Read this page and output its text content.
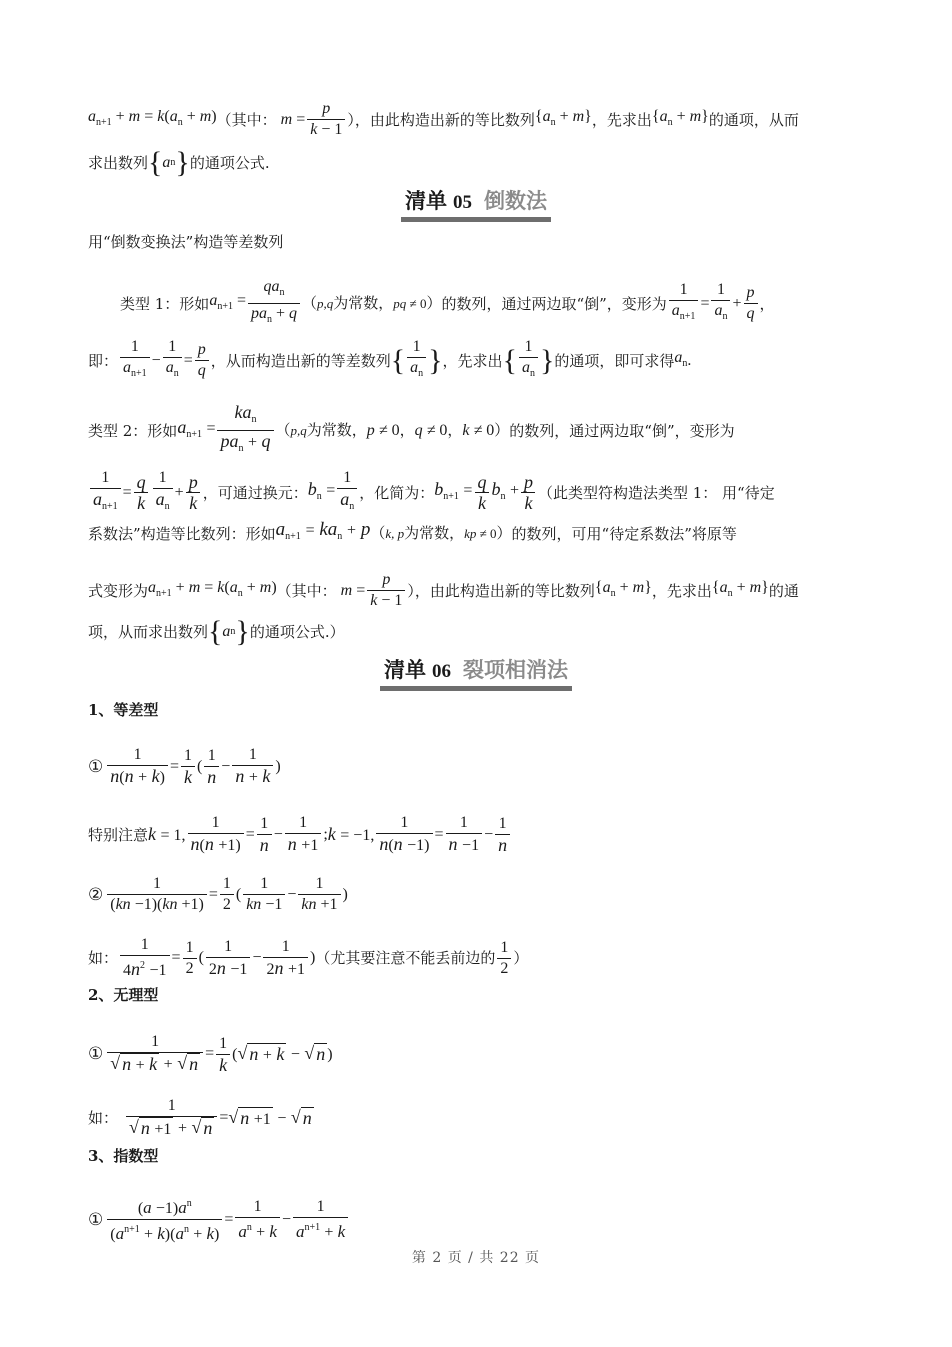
$a_{n+1} + m = k(a_n + m)$ （其中： $m = \frac{p}{k - 1}$ ），由此构造出新的等比数列 $\{a_n + m\}$ ，先求出 $\{a_n + m\}$ 的通项，从而
求出数列 { a n } 的通项公式.
清单 05 倒数法
用“倒数变换法”构造等差数列
类型 1：形如 $a_{n+1} = \frac{qa_n}{pa_n + q} (p,q$为常数，pq ≠ 0） 的数列，通过两边取“倒”，变形为 $\frac{1}{a_{n+1}} = \frac{1}{a_n} + \frac{p}{q}$ ，
即： $\frac{1}{a_{n+1}} - \frac{1}{a_n} = \frac{p}{q}$ ，从而构造出新的等差数列 { $\frac{1}{a_n}$ } ，先求出 { $\frac{1}{a_n}$ } 的通项，即可求得 $a_n$ .
类型 2：形如 $a_{n+1} = \frac{ka_n}{pa_n + q} (p,q$为常数，p ≠ 0，q ≠ 0，k ≠ 0） 的数列，通过两边取“倒”，变形为
$\frac{1}{a_{n+1}} = \frac{q}{k} \frac{1}{a_n} + \frac{p}{k}$ ，可通过换元： $b_n = \frac{1}{a_n}$ ，化简为： $b_{n+1} = \frac{q}{k} b_n + \frac{p}{k}$ （此类型符构造法类型 1： 用“待定
系数法”构造等比数列：形如 $a_{n+1} = ka_n + p$ （k, p为常数，kp ≠ 0） 的数列，可用“待定系数法”将原等
式变形为 $a_{n+1} + m = k(a_n + m)$ （其中： $m = \frac{p}{k - 1}$ ），由此构造出新的等比数列 $\{a_n + m\}$ ，先求出 $\{a_n + m\}$ 的通
项，从而求出数列 { a n } 的通项公式.）
清单 06 裂项相消法
1、等差型
① $\frac{1}{n(n + k)} = \frac{1}{k}$ ( $\frac{1}{n} - \frac{1}{n + k}$ )
特别注意 k = 1, $\frac{1}{n(n +1)} = \frac{1}{n} - \frac{1}{n +1}$ ; k = −1, $\frac{1}{n(n -1)} = \frac{1}{n -1} - \frac{1}{n}$
② $\frac{1}{(kn -1)(kn +1)} = \frac{1}{2}$ ( $\frac{1}{kn -1} - \frac{1}{kn +1}$ )
如： $\frac{1}{4n^2 -1} = \frac{1}{2}$ ( $\frac{1}{2n -1} - \frac{1}{2n +1}$ ) （尤其要注意不能丢前边的 $\frac{1}{2}$ ）
2、无理型
① $\frac{1}{√ n + k + √ n} = \frac{1}{k}$ ( √ n + k − √ n )
如： $\frac{1}{√ n +1 + √ n}$ = √ n +1 − √ n
3、指数型
① $\frac{(a -1)a^n}{(a^{n+1} + k)(a^n + k)} = \frac{1}{a^n + k} - \frac{1}{a^{n+1} + k}$
第 2 页 / 共 22 页
